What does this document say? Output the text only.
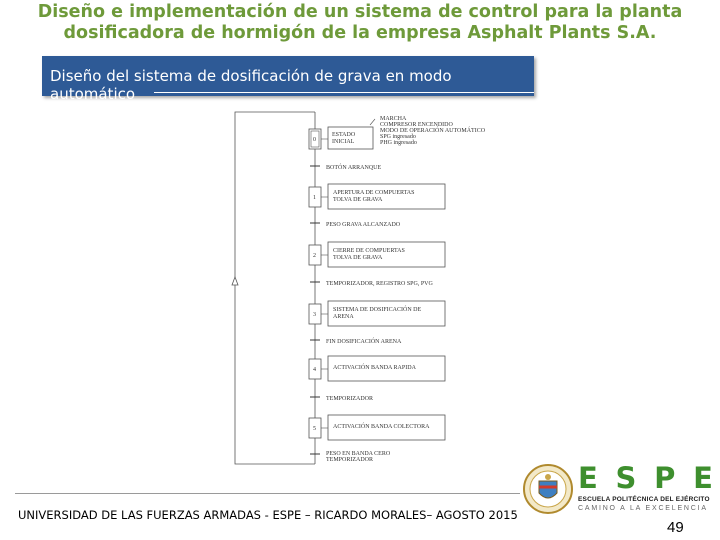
Diseño e implementación de un sistema de control para la planta
dosificadora de hormigón de la empresa Asphalt Plants S.A.
Diseño del sistema de dosificación de grava en modo automático
MARCHA
COMPRESOR ENCENDIDO
MODO DE OPERACIÓN AUTOMÁTICO
SPG ingresado
PHG ingresado
0
ESTADO
INICIAL
BOTÓN ARRANQUE
1
APERTURA DE COMPUERTAS
TOLVA DE GRAVA
PESO GRAVA ALCANZADO
2
CIERRE DE COMPUERTAS
TOLVA DE GRAVA
TEMPORIZADOR, REGISTRO SPG, PVG
3
SISTEMA DE DOSIFICACIÓN DE
ARENA
FIN DOSIFICACIÓN ARENA
4	ACTIVACIÓN BANDA RAPIDA
TEMPORIZADOR
5	ACTIVACIÓN BANDA COLECTORA
PESO EN BANDA CERO
TEMPORIZADOR
UNIVERSIDAD DE LAS FUERZAS ARMADAS - ESPE – RICARDO MORALES– AGOSTO 2015
E S P E
ESCUELA POLITÉCNICA DEL EJÉRCITO
CAMINO A LA EXCELENCIA
49
